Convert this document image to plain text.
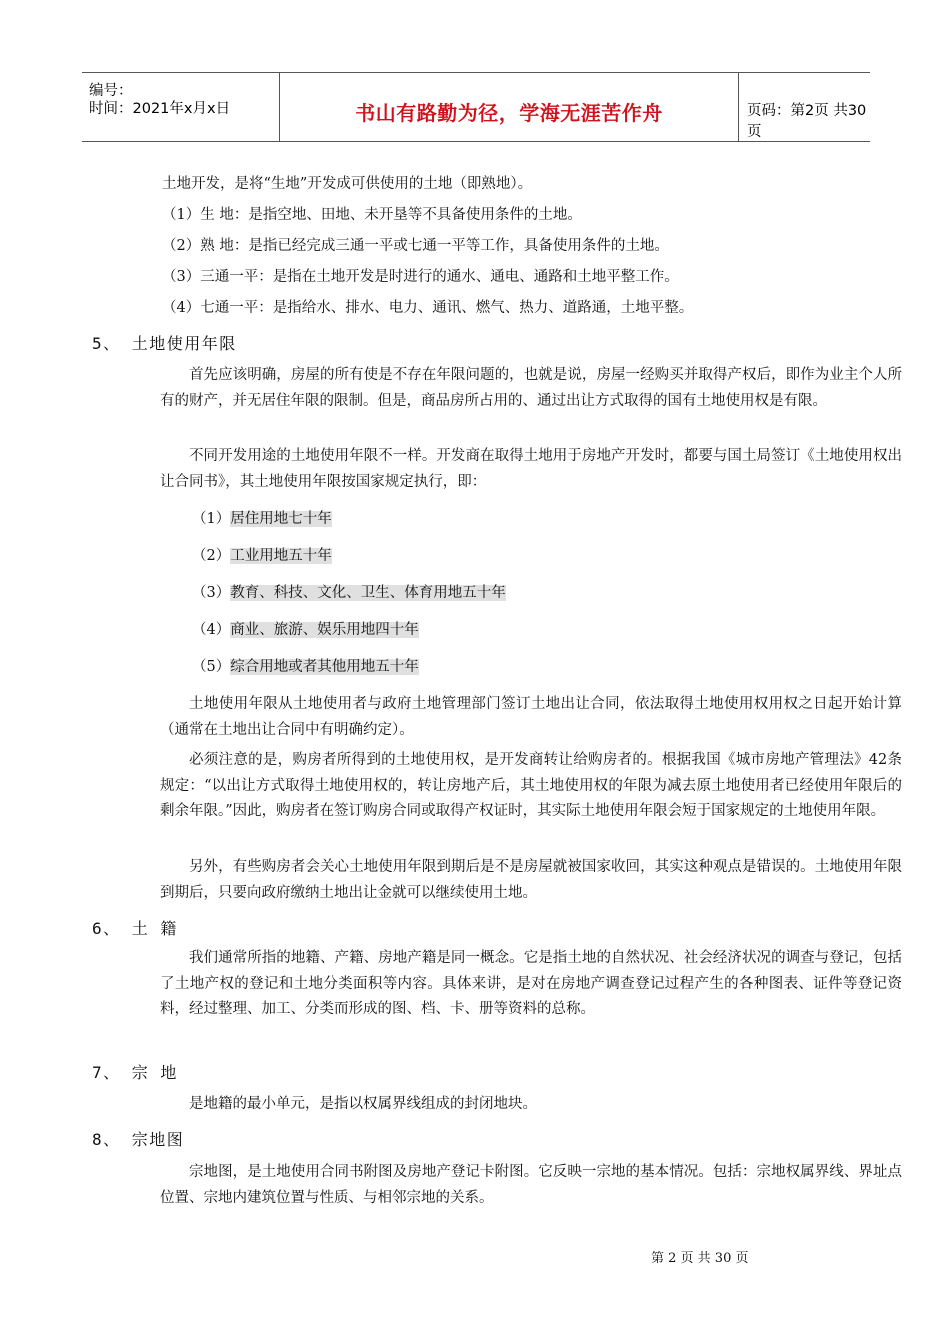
编号：
时间：2021年x月x日	书山有路勤为径，学海无涯苦作舟	页码：第2页 共30页
土地开发，是将“生地”开发成可供使用的土地（即熟地）。
（1）生 地：是指空地、田地、未开垦等不具备使用条件的土地。
（2）熟 地：是指已经完成三通一平或七通一平等工作，具备使用条件的土地。
（3）三通一平：是指在土地开发是时进行的通水、通电、通路和土地平整工作。
（4）七通一平：是指给水、排水、电力、通讯、燃气、热力、道路通，土地平整。
5、 土地使用年限
首先应该明确，房屋的所有使是不存在年限问题的，也就是说，房屋一经购买并取得产权后，即作为业主个人所有的财产，并无居住年限的限制。但是，商品房所占用的、通过出让方式取得的国有土地使用权是有限。
不同开发用途的土地使用年限不一样。开发商在取得土地用于房地产开发时，都要与国土局签订《土地使用权出让合同书》，其土地使用年限按国家规定执行，即：
（1）居住用地七十年
（2）工业用地五十年
（3）教育、科技、文化、卫生、体育用地五十年
（4）商业、旅游、娱乐用地四十年
（5）综合用地或者其他用地五十年
土地使用年限从土地使用者与政府土地管理部门签订土地出让合同，依法取得土地使用权用权之日起开始计算（通常在土地出让合同中有明确约定）。
必须注意的是，购房者所得到的土地使用权，是开发商转让给购房者的。根据我国《城市房地产管理法》42条规定：“以出让方式取得土地使用权的，转让房地产后，其土地使用权的年限为减去原土地使用者已经使用年限后的剩余年限。”因此，购房者在签订购房合同或取得产权证时，其实际土地使用年限会短于国家规定的土地使用年限。
另外，有些购房者会关心土地使用年限到期后是不是房屋就被国家收回，其实这种观点是错误的。土地使用年限到期后，只要向政府缴纳土地出让金就可以继续使用土地。
6、 土 籍
我们通常所指的地籍、产籍、房地产籍是同一概念。它是指土地的自然状况、社会经济状况的调查与登记，包括了土地产权的登记和土地分类面积等内容。具体来讲，是对在房地产调查登记过程产生的各种图表、证件等登记资料，经过整理、加工、分类而形成的图、档、卡、册等资料的总称。
7、 宗 地
是地籍的最小单元，是指以权属界线组成的封闭地块。
8、 宗地图
宗地图，是土地使用合同书附图及房地产登记卡附图。它反映一宗地的基本情况。包括：宗地权属界线、界址点位置、宗地内建筑位置与性质、与相邻宗地的关系。
第 2 页 共 30 页
